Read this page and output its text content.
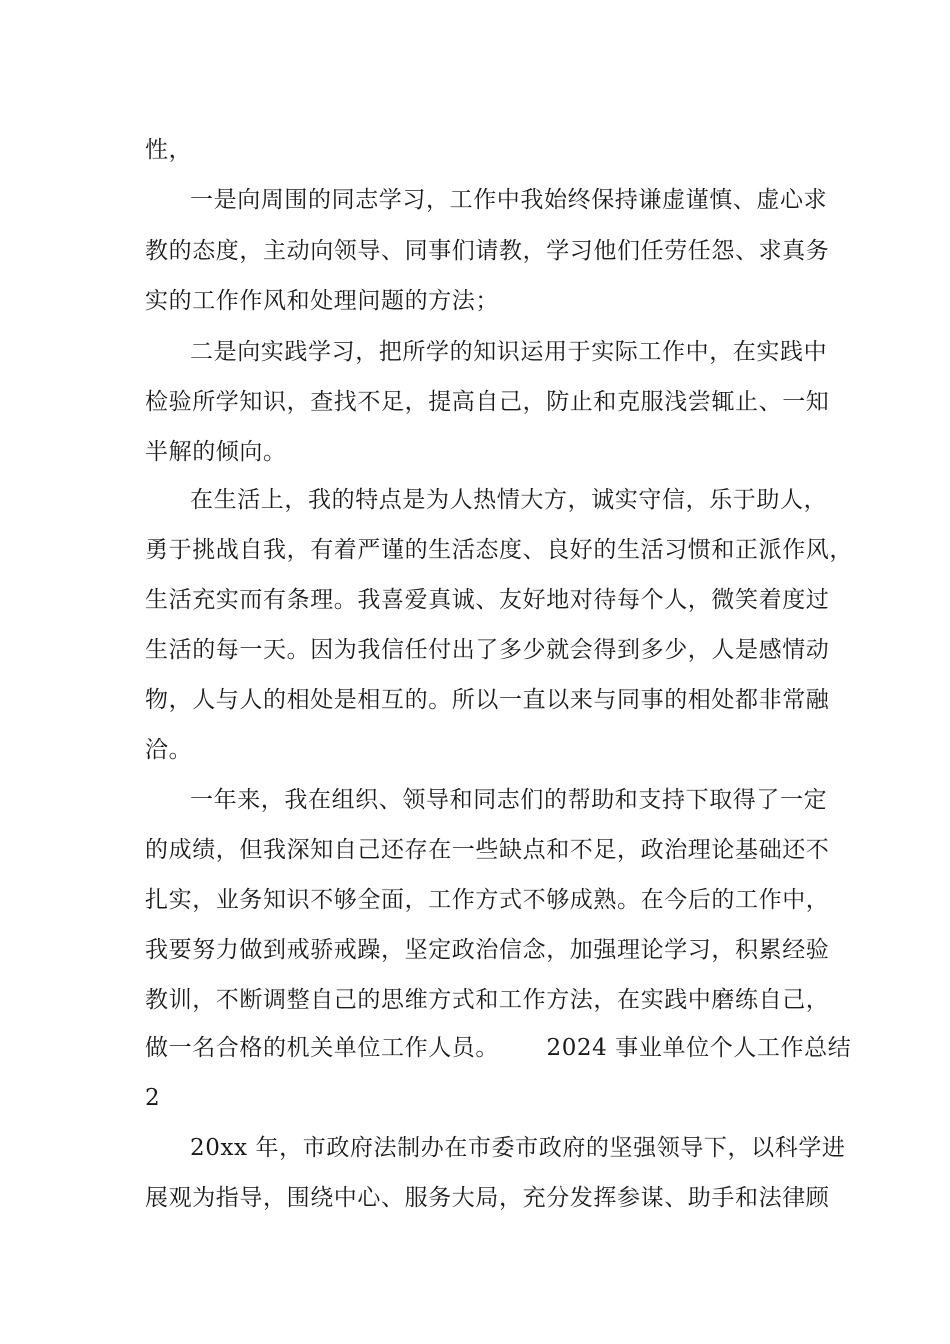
性，
一是向周围的同志学习，工作中我始终保持谦虚谨慎、虚心求
教的态度，主动向领导、同事们请教，学习他们任劳任怨、求真务
实的工作作风和处理问题的方法；
二是向实践学习，把所学的知识运用于实际工作中，在实践中
检验所学知识，查找不足，提高自己，防止和克服浅尝辄止、一知
半解的倾向。
在生活上，我的特点是为人热情大方，诚实守信，乐于助人，
勇于挑战自我，有着严谨的生活态度、良好的生活习惯和正派作风，
生活充实而有条理。我喜爱真诚、友好地对待每个人，微笑着度过
生活的每一天。因为我信任付出了多少就会得到多少，人是感情动
物，人与人的相处是相互的。所以一直以来与同事的相处都非常融
洽。
一年来，我在组织、领导和同志们的帮助和支持下取得了一定
的成绩，但我深知自己还存在一些缺点和不足，政治理论基础还不
扎实，业务知识不够全面，工作方式不够成熟。在今后的工作中，
我要努力做到戒骄戒躁，坚定政治信念，加强理论学习，积累经验
教训，不断调整自己的思维方式和工作方法，在实践中磨练自己，
做一名合格的机关单位工作人员。      2024 事业单位个人工作总结
2
20xx 年，市政府法制办在市委市政府的坚强领导下，以科学进
展观为指导，围绕中心、服务大局，充分发挥参谋、助手和法律顾
